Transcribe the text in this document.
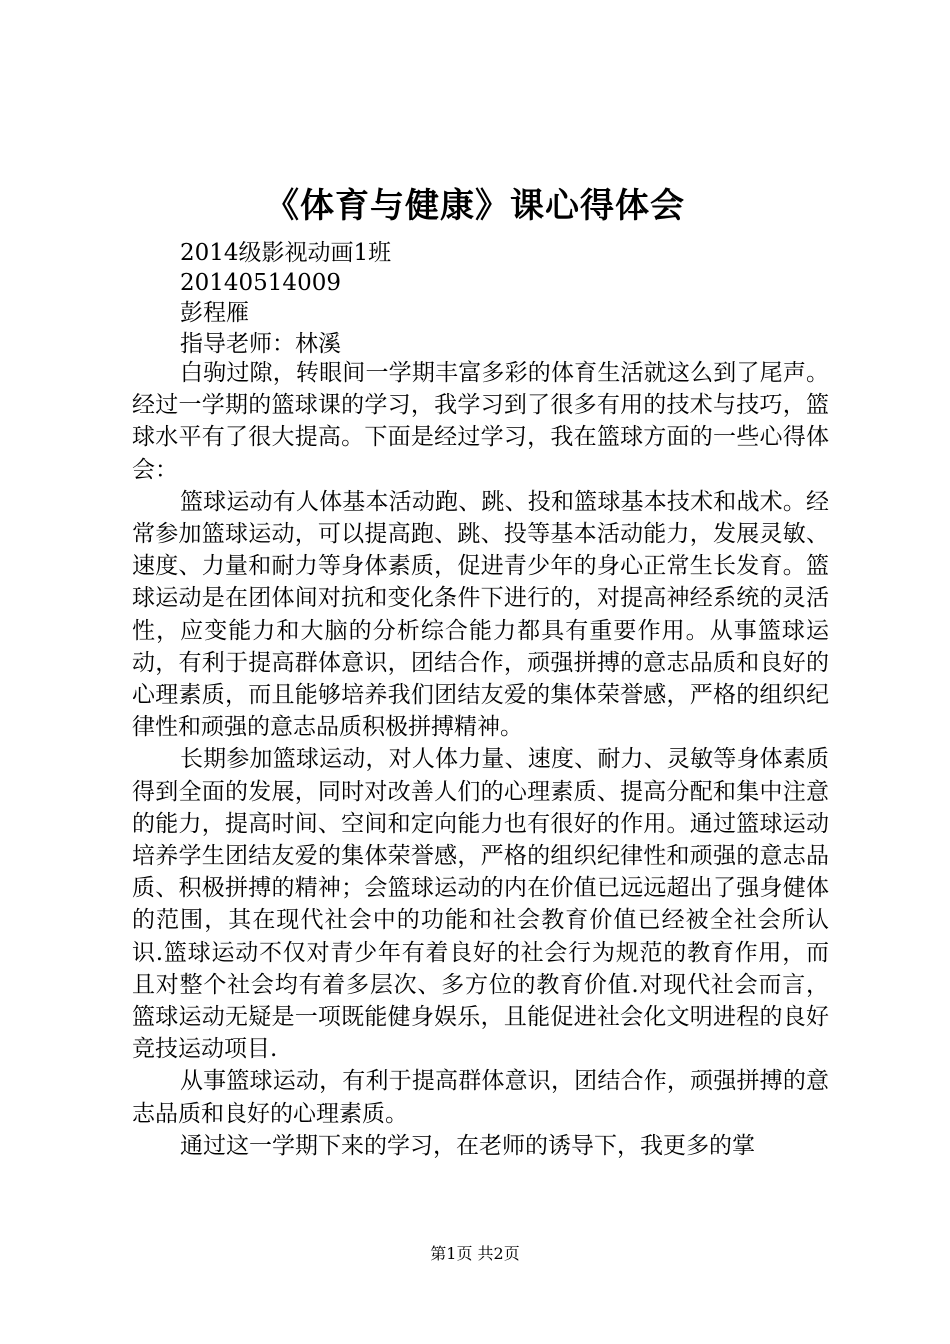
《体育与健康》课心得体会
2014级影视动画1班
20140514009
彭程雁
指导老师：林溪

白驹过隙，转眼间一学期丰富多彩的体育生活就这么到了尾声。经过一学期的篮球课的学习，我学习到了很多有用的技术与技巧，篮球水平有了很大提高。下面是经过学习，我在篮球方面的一些心得体会：

篮球运动有人体基本活动跑、跳、投和篮球基本技术和战术。经常参加篮球运动，可以提高跑、跳、投等基本活动能力，发展灵敏、速度、力量和耐力等身体素质，促进青少年的身心正常生长发育。篮球运动是在团体间对抗和变化条件下进行的，对提高神经系统的灵活性，应变能力和大脑的分析综合能力都具有重要作用。从事篮球运动，有利于提高群体意识，团结合作，顽强拼搏的意志品质和良好的心理素质，而且能够培养我们团结友爱的集体荣誉感，严格的组织纪律性和顽强的意志品质积极拼搏精神。

长期参加篮球运动，对人体力量、速度、耐力、灵敏等身体素质得到全面的发展，同时对改善人们的心理素质、提高分配和集中注意的能力，提高时间、空间和定向能力也有很好的作用。通过篮球运动培养学生团结友爱的集体荣誉感，严格的组织纪律性和顽强的意志品质、积极拼搏的精神；会篮球运动的内在价值已远远超出了强身健体的范围，其在现代社会中的功能和社会教育价值已经被全社会所认识.篮球运动不仅对青少年有着良好的社会行为规范的教育作用，而且对整个社会均有着多层次、多方位的教育价值.对现代社会而言，篮球运动无疑是一项既能健身娱乐，且能促进社会化文明进程的良好竞技运动项目.

从事篮球运动，有利于提高群体意识，团结合作，顽强拼搏的意志品质和良好的心理素质。

通过这一学期下来的学习，在老师的诱导下，我更多的掌

第1页 共2页
